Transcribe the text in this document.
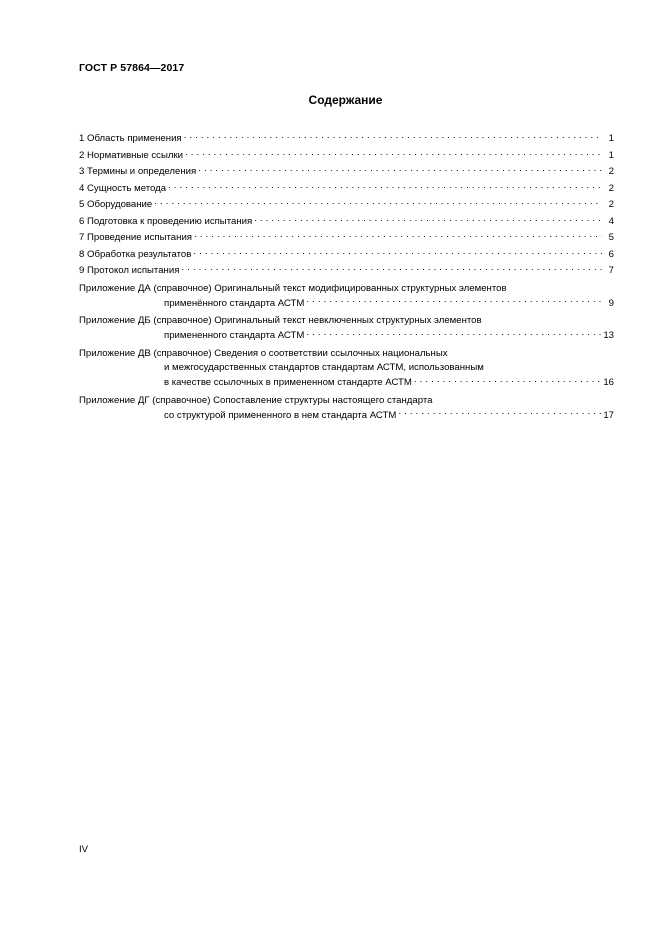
ГОСТ Р 57864—2017
Содержание
1 Область применения . . .	1
2 Нормативные ссылки . . .	1
3 Термины и определения . . .	2
4 Сущность метода . . .	2
5 Оборудование . . .	2
6 Подготовка к проведению испытания . . .	4
7 Проведение испытания . . .	5
8 Обработка результатов . . .	6
9 Протокол испытания . . .	7
Приложение ДА (справочное) Оригинальный текст модифицированных структурных элементов
применённого стандарта АСТМ . . .	9
Приложение ДБ (справочное) Оригинальный текст невключенных структурных элементов
примененного стандарта АСТМ . . .	13
Приложение ДВ (справочное) Сведения о соответствии ссылочных национальных
и межгосударственных стандартов стандартам АСТМ, использованным
в качестве ссылочных в примененном стандарте АСТМ . . .	16
Приложение ДГ (справочное) Сопоставление структуры настоящего стандарта
со структурой примененного в нем стандарта АСТМ . . .	17
IV
